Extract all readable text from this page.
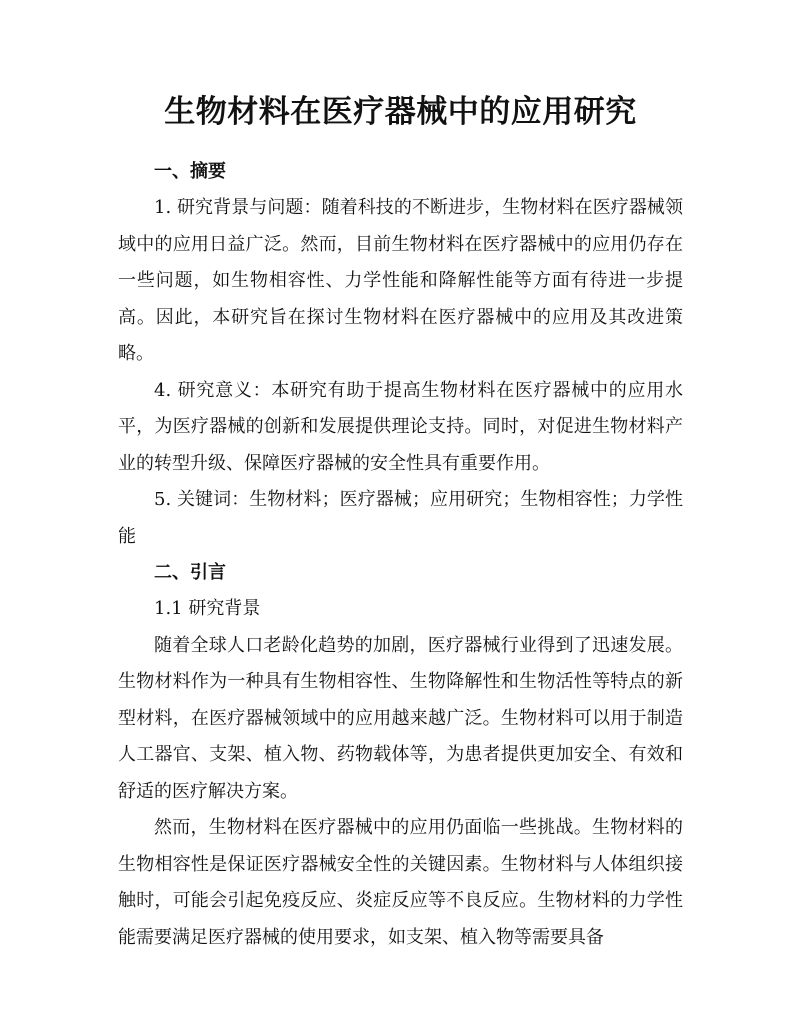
生物材料在医疗器械中的应用研究
一、摘要

1. 研究背景与问题：随着科技的不断进步，生物材料在医疗器械领域中的应用日益广泛。然而，目前生物材料在医疗器械中的应用仍存在一些问题，如生物相容性、力学性能和降解性能等方面有待进一步提高。因此，本研究旨在探讨生物材料在医疗器械中的应用及其改进策略。

4. 研究意义：本研究有助于提高生物材料在医疗器械中的应用水平，为医疗器械的创新和发展提供理论支持。同时，对促进生物材料产业的转型升级、保障医疗器械的安全性具有重要作用。

5. 关键词：生物材料；医疗器械；应用研究；生物相容性；力学性能

二、引言

1.1 研究背景

随着全球人口老龄化趋势的加剧，医疗器械行业得到了迅速发展。生物材料作为一种具有生物相容性、生物降解性和生物活性等特点的新型材料，在医疗器械领域中的应用越来越广泛。生物材料可以用于制造人工器官、支架、植入物、药物载体等，为患者提供更加安全、有效和舒适的医疗解决方案。

然而，生物材料在医疗器械中的应用仍面临一些挑战。生物材料的生物相容性是保证医疗器械安全性的关键因素。生物材料与人体组织接触时，可能会引起免疫反应、炎症反应等不良反应。生物材料的力学性能需要满足医疗器械的使用要求，如支架、植入物等需要具备
